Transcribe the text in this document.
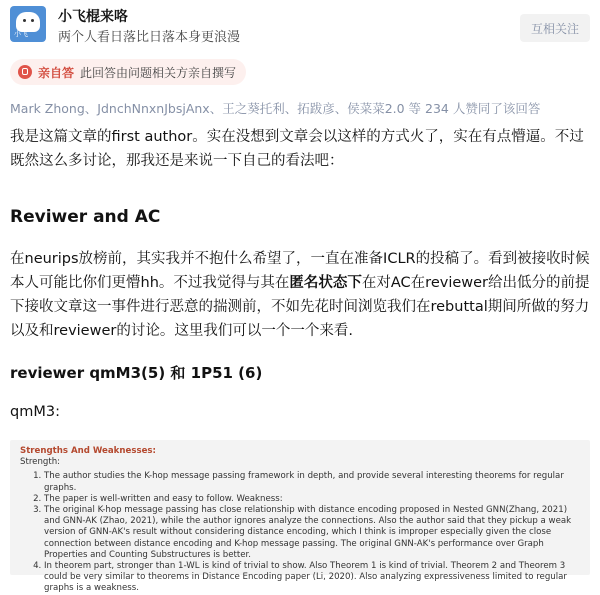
小飞
小飞棍来咯
两个人看日落比日落本身更浪漫
互相关注
亲自答 此回答由问题相关方亲自撰写
Mark Zhong、JdnchNnxnJbsjAnx、王之葵托利、拓跋彦、侯菜菜2.0 等 234 人赞同了该回答

我是这篇文章的first author。实在没想到文章会以这样的方式火了，实在有点懵逼。不过既然这么多讨论，那我还是来说一下自己的看法吧：

Reviwer and AC
在neurips放榜前，其实我并不抱什么希望了，一直在准备ICLR的投稿了。看到被接收时候本人可能比你们更懵hh。不过我觉得与其在匿名状态下在对AC在reviewer给出低分的前提下接收文章这一事件进行恶意的揣测前，不如先花时间浏览我们在rebuttal期间所做的努力以及和reviewer的讨论。这里我们可以一个一个来看.
reviewer qmM3(5) 和 1P51 (6)
qmM3:
Strengths And Weaknesses:
Strength:
1. The author studies the K-hop message passing framework in depth, and provide several interesting theorems for regular graphs.
2. The paper is well-written and easy to follow. Weakness:
3. The original K-hop message passing has close relationship with distance encoding proposed in Nested GNN(Zhang, 2021) and GNN-AK (Zhao, 2021), while the author ignores analyze the connections. Also the author said that they pickup a weak version of GNN-AK's result without considering distance encoding, which I think is improper especially given the close connection between distance encoding and K-hop message passing. The original GNN-AK's performance over Graph Properties and Counting Substructures is better.
4. In theorem part, stronger than 1-WL is kind of trivial to show. Also Theorem 1 is kind of trivial. Theorem 2 and Theorem 3 could be very similar to theorems in Distance Encoding paper (Li, 2020). Also analyzing expressiveness limited to regular graphs is a weakness.
